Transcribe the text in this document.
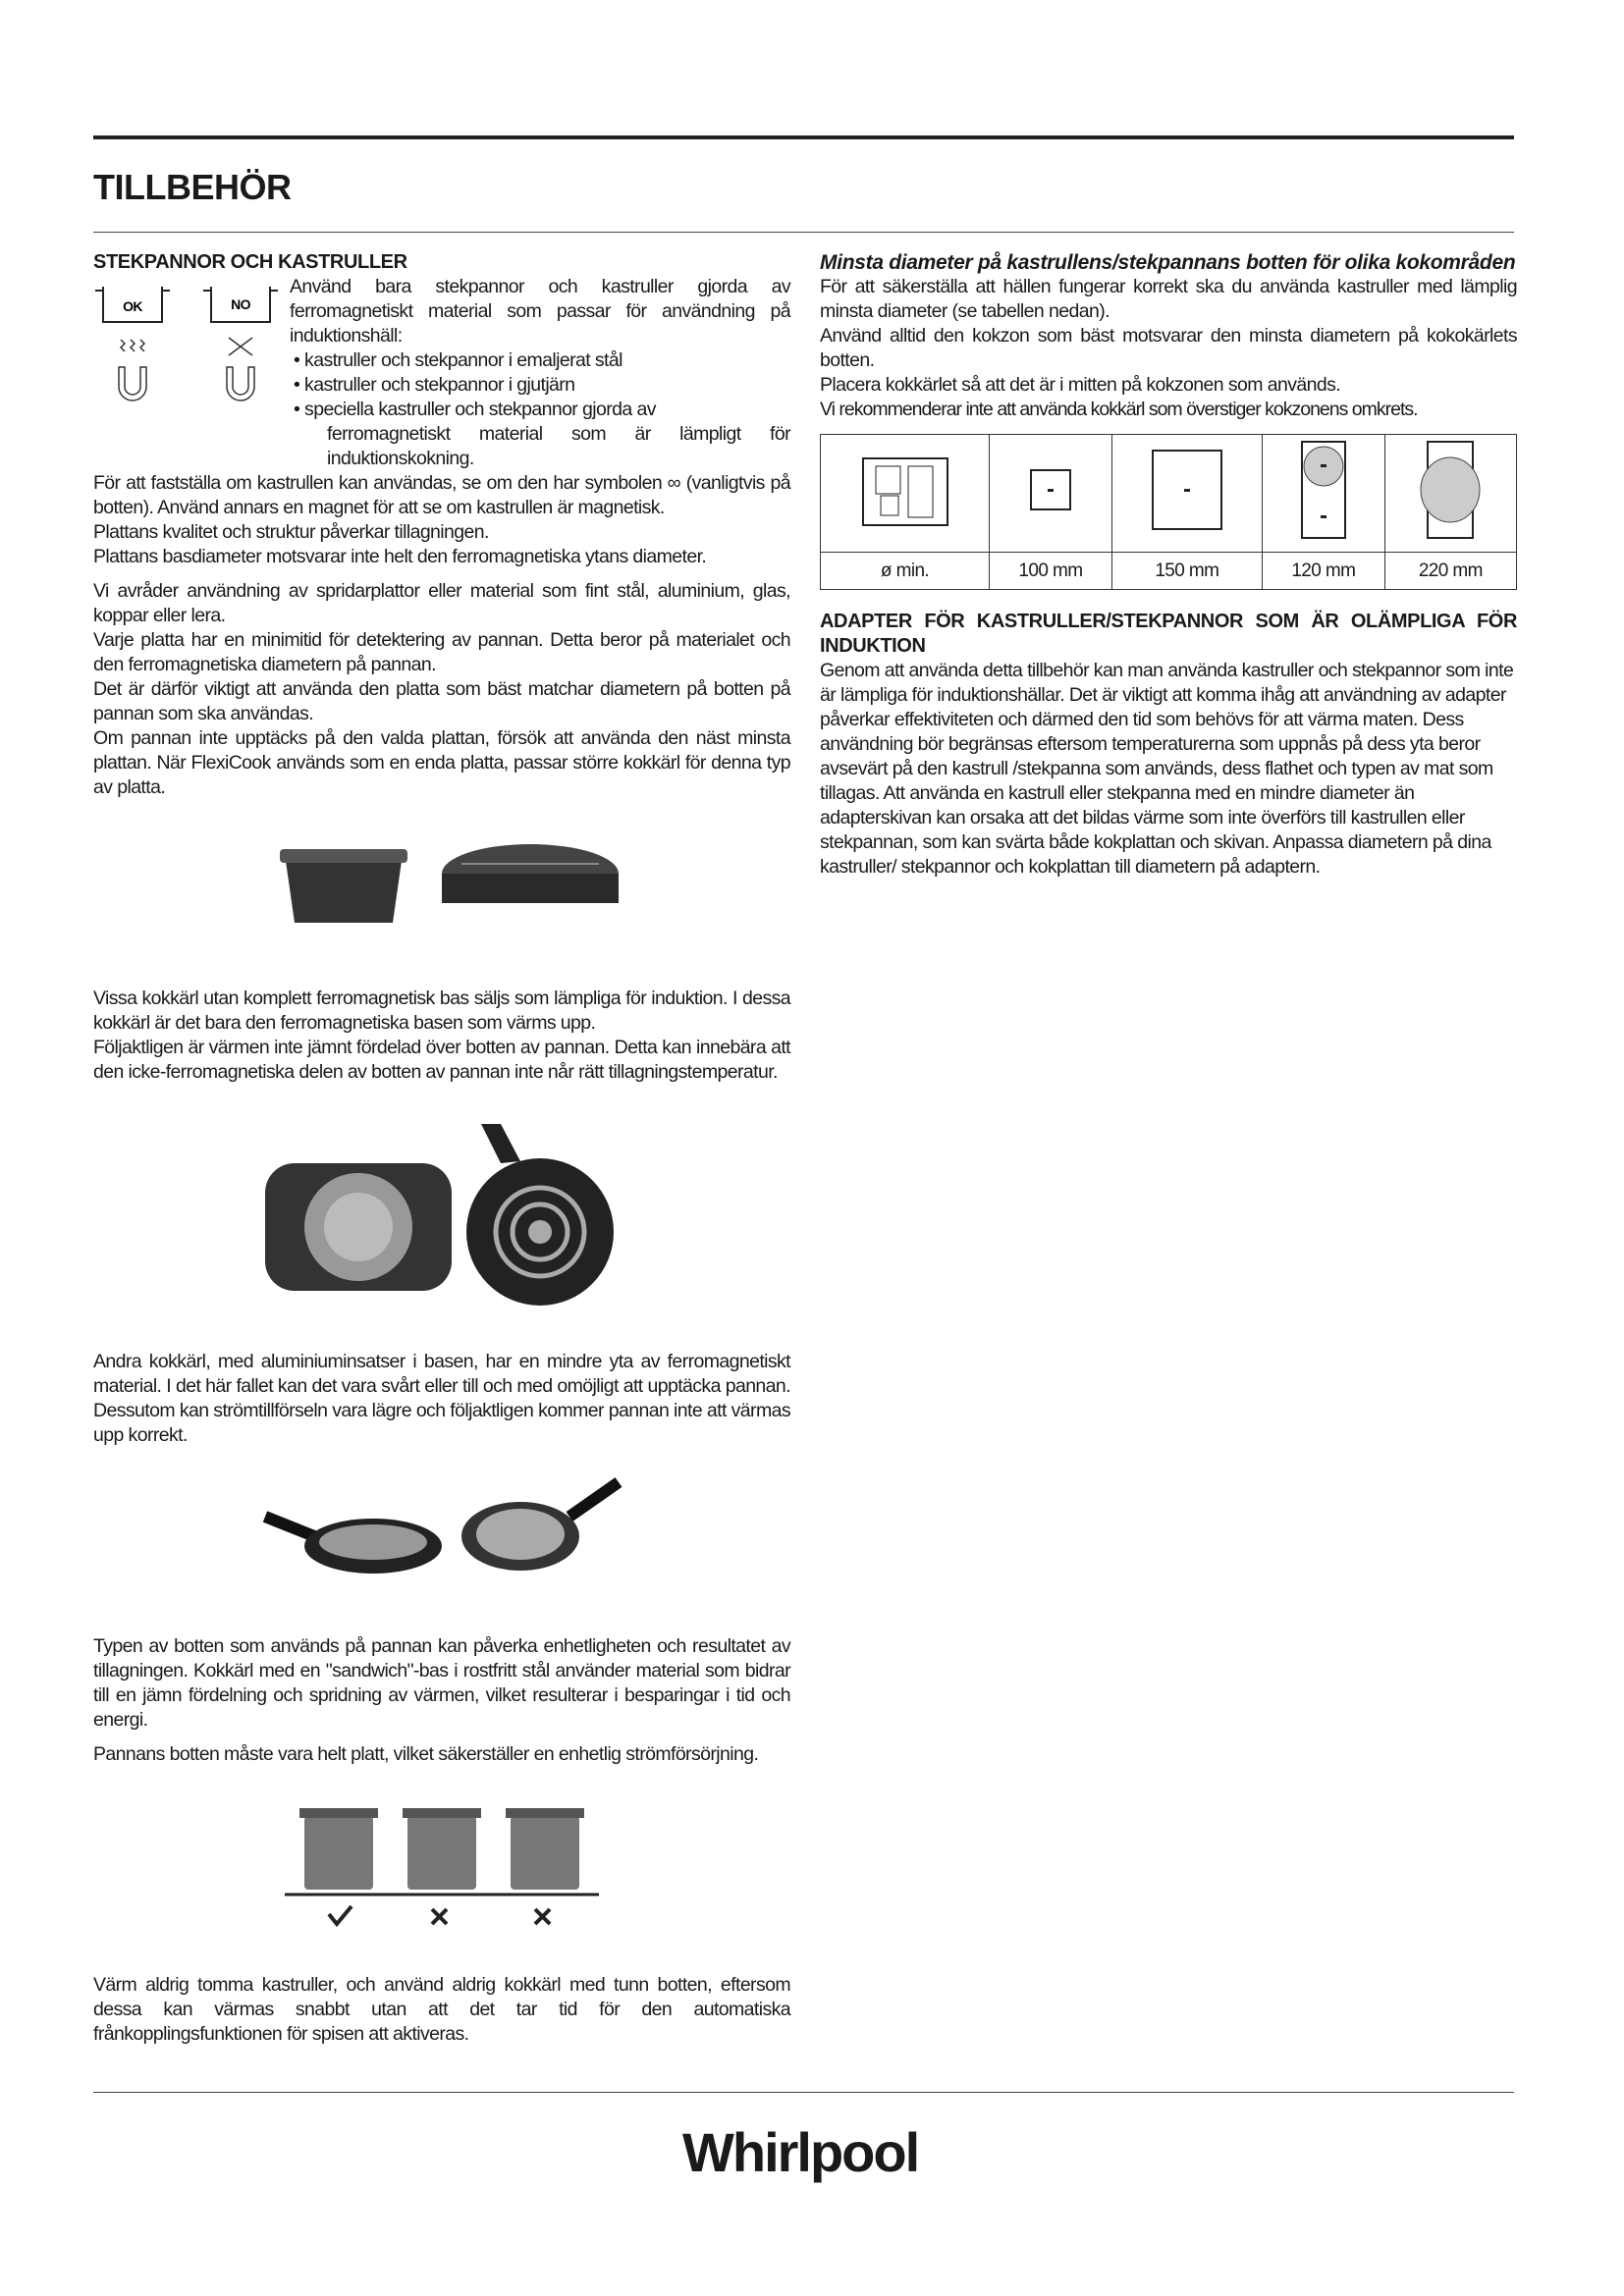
TILLBEHÖR
STEKPANNOR OCH KASTRULLER
OK	NO

Använd bara stekpannor och kastruller gjorda av ferromagnetiskt material som passar för användning på induktionshäll:

• kastruller och stekpannor i emaljerat stål
• kastruller och stekpannor i gjutjärn
• speciella kastruller och stekpannor gjorda av
ferromagnetiskt material som är lämpligt för induktionskokning.

För att fastställa om kastrullen kan användas, se om den har symbolen ∞ (vanligtvis på botten). Använd annars en magnet för att se om kastrullen är magnetisk.

Plattans kvalitet och struktur påverkar tillagningen.

Plattans basdiameter motsvarar inte helt den ferromagnetiska ytans diameter.

Vi avråder användning av spridarplattor eller material som fint stål, aluminium, glas, koppar eller lera.

Varje platta har en minimitid för detektering av pannan. Detta beror på materialet och den ferromagnetiska diametern på pannan.

Det är därför viktigt att använda den platta som bäst matchar diametern på botten på pannan som ska användas.

Om pannan inte upptäcks på den valda plattan, försök att använda den näst minsta plattan. När FlexiCook används som en enda platta, passar större kokkärl för denna typ av platta.

Vissa kokkärl utan komplett ferromagnetisk bas säljs som lämpliga för induktion. I dessa kokkärl är det bara den ferromagnetiska basen som värms upp.

Följaktligen är värmen inte jämnt fördelad över botten av pannan. Detta kan innebära att den icke-ferromagnetiska delen av botten av pannan inte når rätt tillagningstemperatur.

Andra kokkärl, med aluminiuminsatser i basen, har en mindre yta av ferromagnetiskt material. I det här fallet kan det vara svårt eller till och med omöjligt att upptäcka pannan. Dessutom kan strömtillförseln vara lägre och följaktligen kommer pannan inte att värmas upp korrekt.

Typen av botten som används på pannan kan påverka enhetligheten och resultatet av tillagningen. Kokkärl med en "sandwich"-bas i rostfritt stål använder material som bidrar till en jämn fördelning och spridning av värmen, vilket resulterar i besparingar i tid och energi.

Pannans botten måste vara helt platt, vilket säkerställer en enhetlig strömförsörjning.

Värm aldrig tomma kastruller, och använd aldrig kokkärl med tunn botten, eftersom dessa kan värmas snabbt utan att det tar tid för den automatiska frånkopplingsfunktionen för spisen att aktiveras.

Minsta diameter på kastrullens/stekpannans botten för olika kokområden

För att säkerställa att hällen fungerar korrekt ska du använda kastruller med lämplig minsta diameter (se tabellen nedan).

Använd alltid den kokzon som bäst motsvarar den minsta diametern på kokokärlets botten.

Placera kokkärlet så att det är i mitten på kokzonen som används.

Vi rekommenderar inte att använda kokkärl som överstiger kokzonens omkrets.

ø min.	100 mm	150 mm	120 mm	220 mm
ADAPTER FÖR KASTRULLER/STEKPANNOR SOM ÄR OLÄMPLIGA FÖR INDUKTION

Genom att använda detta tillbehör kan man använda kastruller och stekpannor som inte är lämpliga för induktionshällar. Det är viktigt att komma ihåg att användning av adapter påverkar effektiviteten och därmed den tid som behövs för att värma maten. Dess användning bör begränsas eftersom temperaturerna som uppnås på dess yta beror avsevärt på den kastrull /stekpanna som används, dess flathet och typen av mat som tillagas. Att använda en kastrull eller stekpanna med en mindre diameter än adapterskivan kan orsaka att det bildas värme som inte överförs till kastrullen eller stekpannan, som kan svärta både kokplattan och skivan. Anpassa diametern på dina kastruller/ stekpannor och kokplattan till diametern på adaptern.

Whirlpool
